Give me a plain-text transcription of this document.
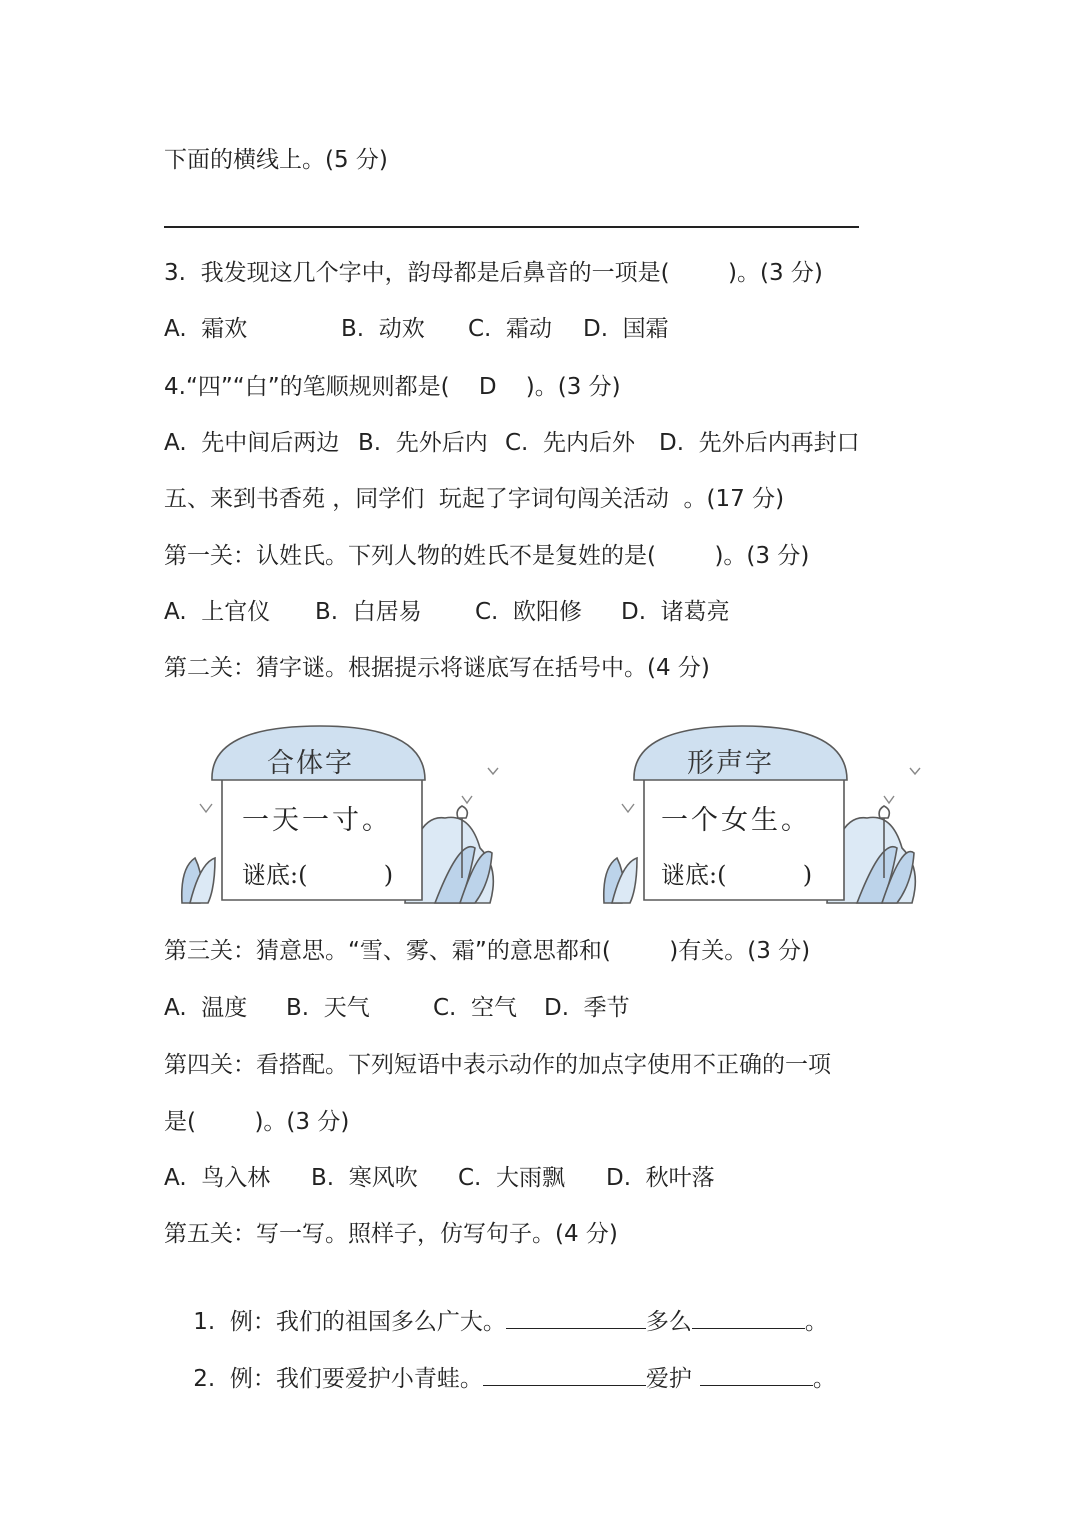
下面的横线上。(5 分)
3.  我发现这几个字中，韵母都是后鼻音的一项是(        )。(3 分)
A.  霜欢	B.  动欢 C.  霜动 D.  国霜
4.“四”“白”的笔顺规则都是(    D    )。(3 分)
A.  先中间后两边 B.  先外后内 C.  先内后外 D.  先外后内再封口
五、来到书香苑 ，同学们  玩起了字词句闯关活动  。(17 分)
第一关：认姓氏。下列人物的姓氏不是复姓的是(        )。(3 分)
A.  上官仪 B.  白居易 C.  欧阳修 D.  诸葛亮
第二关：猜字谜。根据提示将谜底写在括号中。(4 分)
合体字
一天一寸。
谜底:(          )
形声字
一个女生。
谜底:(          )
第三关：猜意思。“雪、雾、霜”的意思都和(        )有关。(3 分)
A.  温度 B.  天气	C.  空气 D.  季节
第四关：看搭配。下列短语中表示动作的加点字使用不正确的一项
是(        )。(3 分)
A.  鸟入林 B.  寒风吹 C.  大雨飘 D.  秋叶落
第五关：写一写。照样子，仿写句子。(4 分)

1.  例：我们的祖国多么广大。	多么	。

2.  例：我们要爱护小青蛙。	爱护	。
